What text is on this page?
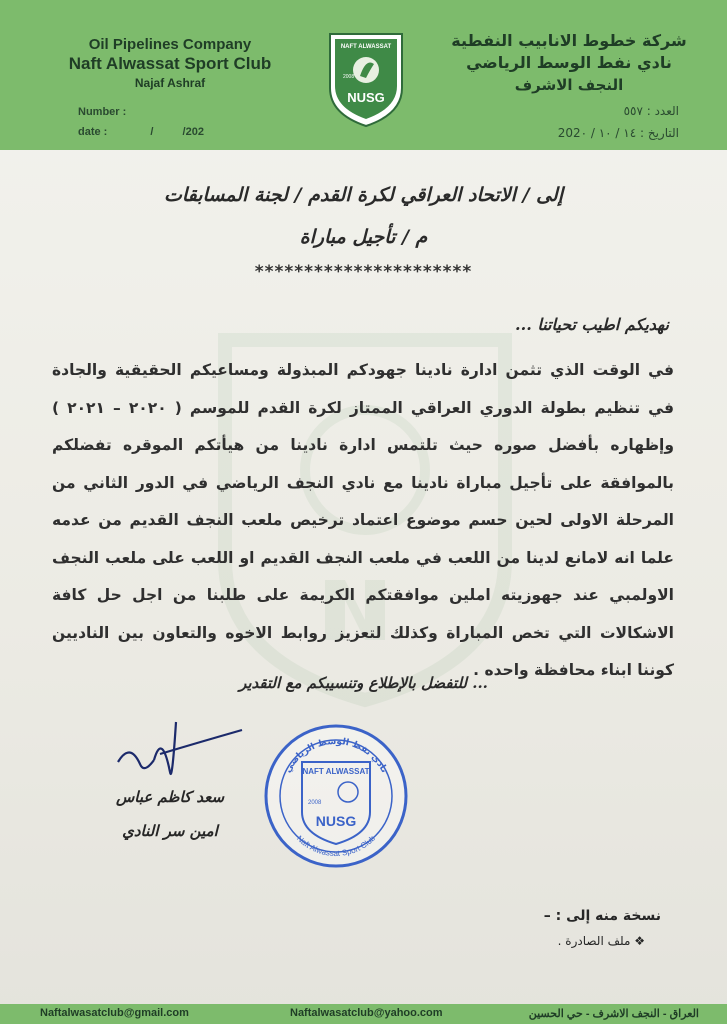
Oil Pipelines Company
Naft Alwassat Sport Club
Najaf Ashraf
شركة خطوط الانابيب النفطية
نادي نفط الوسط الرياضي
النجف الاشرف
Number :
date :	/	/202
العدد : ٥٥٧
التاريخ : ١٤ / ١٠ / 202٠
NAFT ALWASSAT
2008
NUSG
إلى / الاتحاد العراقي لكرة القدم / لجنة المسابقات
م / تأجيل مباراة
**********************
نهديكم اطيب تحياتنا ...
في الوقت الذي تثمن ادارة نادينا جهودكم المبذولة ومساعيكم الحقيقية والجادة في تنظيم بطولة الدوري العراقي الممتاز لكرة القدم للموسم ( ٢٠٢٠ – ٢٠٢١ ) وإظهاره بأفضل صوره حيث تلتمس ادارة نادينا من هيأتكم الموقره تفضلكم بالموافقة على تأجيل مباراة نادينا مع نادي النجف الرياضي في الدور الثاني من المرحلة الاولى لحين حسم موضوع اعتماد ترخيص ملعب النجف القديم من عدمه علما انه لامانع لدينا من اللعب في ملعب النجف القديم او اللعب على ملعب النجف الاولمبي عند جهوزيته املين موافقتكم الكريمة على طلبنا من اجل حل كافة الاشكالات التي تخص المباراة وكذلك لتعزيز روابط الاخوه والتعاون بين الناديين كوننا ابناء محافظة واحده .
... للتفضل بالإطلاع وتنسيبكم مع التقدير
سعد كاظم عباس
امين سر النادي
نادي نفط الوسط الرياضي
Naft Alwassat Sport Club
NAFT ALWASSAT
2008
NUSG
نسخة منه إلى : –
❖ ملف الصادرة .
Naftalwasatclub@gmail.com	Naftalwasatclub@yahoo.com	العراق - النجف الاشرف - حي الحسين
